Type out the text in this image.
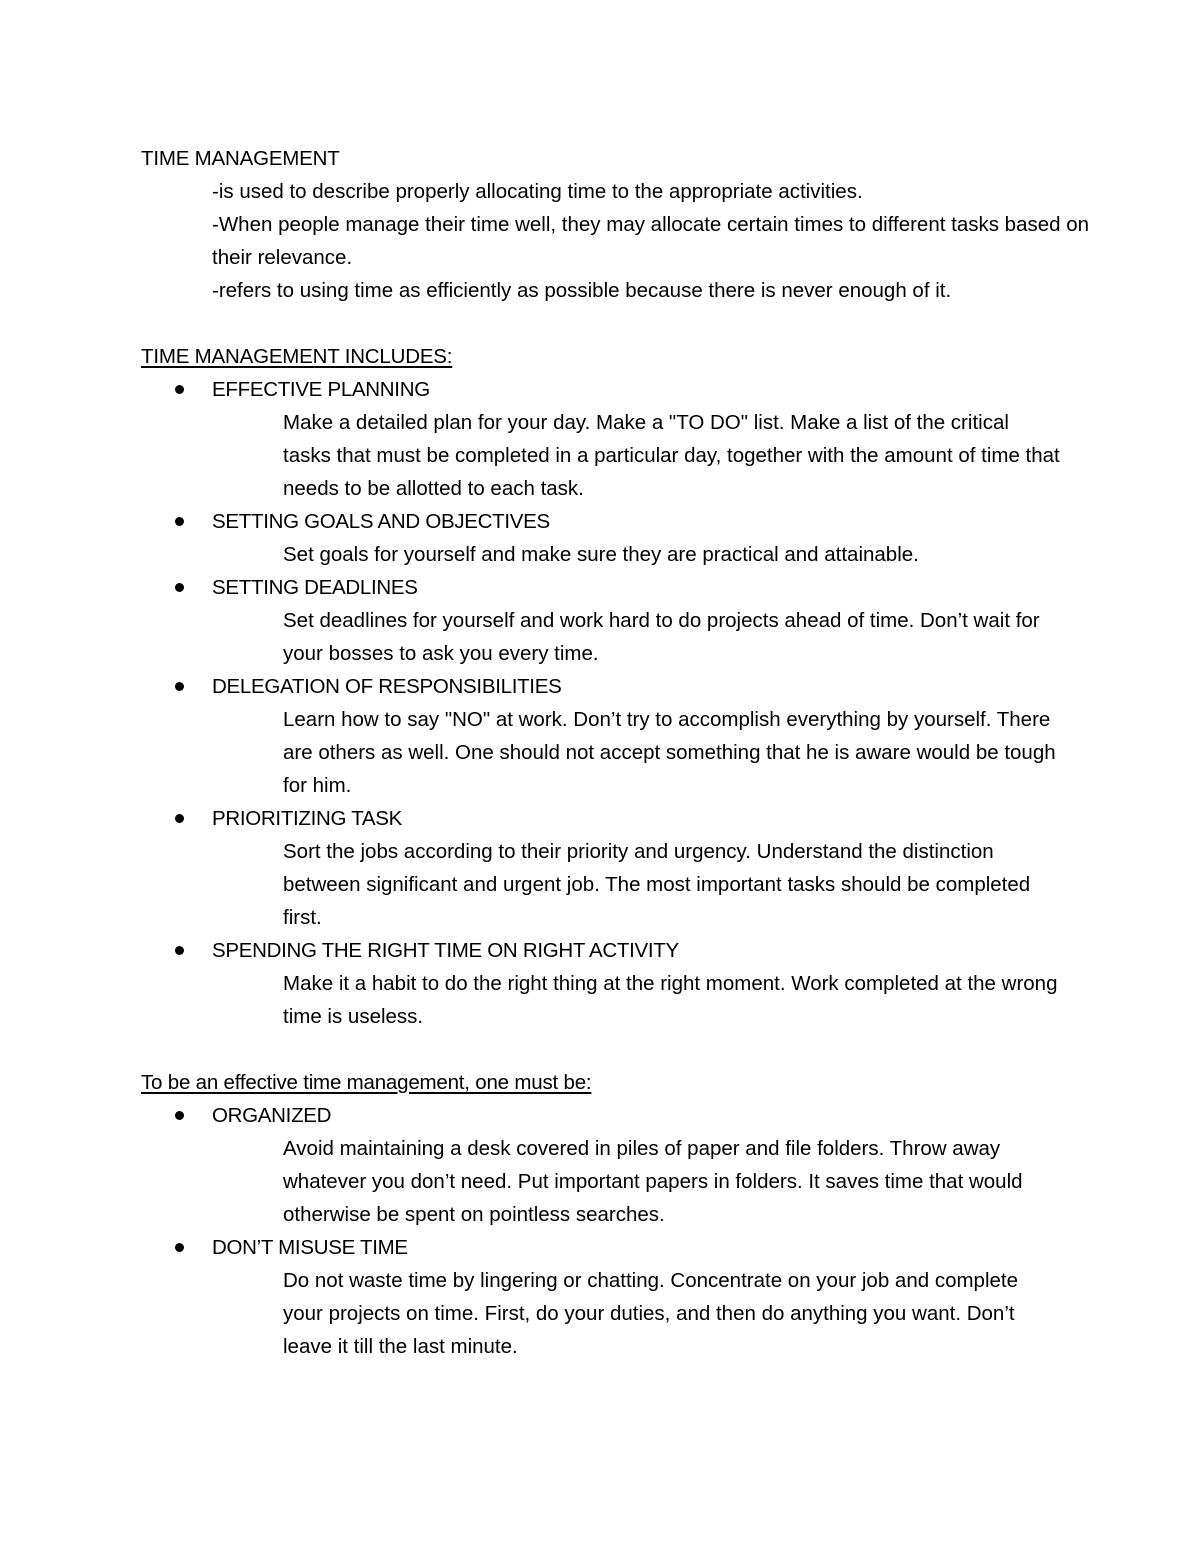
TIME MANAGEMENT
-is used to describe properly allocating time to the appropriate activities.
-When people manage their time well, they may allocate certain times to different tasks based on their relevance.
-refers to using time as efficiently as possible because there is never enough of it.
TIME MANAGEMENT INCLUDES:
EFFECTIVE PLANNING
Make a detailed plan for your day. Make a "TO DO" list. Make a list of the critical tasks that must be completed in a particular day, together with the amount of time that needs to be allotted to each task.
SETTING GOALS AND OBJECTIVES
Set goals for yourself and make sure they are practical and attainable.
SETTING DEADLINES
Set deadlines for yourself and work hard to do projects ahead of time. Don’t wait for your bosses to ask you every time.
DELEGATION OF RESPONSIBILITIES
Learn how to say "NO" at work. Don’t try to accomplish everything by yourself. There are others as well. One should not accept something that he is aware would be tough for him.
PRIORITIZING TASK
Sort the jobs according to their priority and urgency. Understand the distinction between significant and urgent job. The most important tasks should be completed first.
SPENDING THE RIGHT TIME ON RIGHT ACTIVITY
Make it a habit to do the right thing at the right moment. Work completed at the wrong time is useless.
To be an effective time management, one must be:
ORGANIZED
Avoid maintaining a desk covered in piles of paper and file folders. Throw away whatever you don’t need. Put important papers in folders. It saves time that would otherwise be spent on pointless searches.
DON’T MISUSE TIME
Do not waste time by lingering or chatting. Concentrate on your job and complete your projects on time. First, do your duties, and then do anything you want. Don’t leave it till the last minute.
